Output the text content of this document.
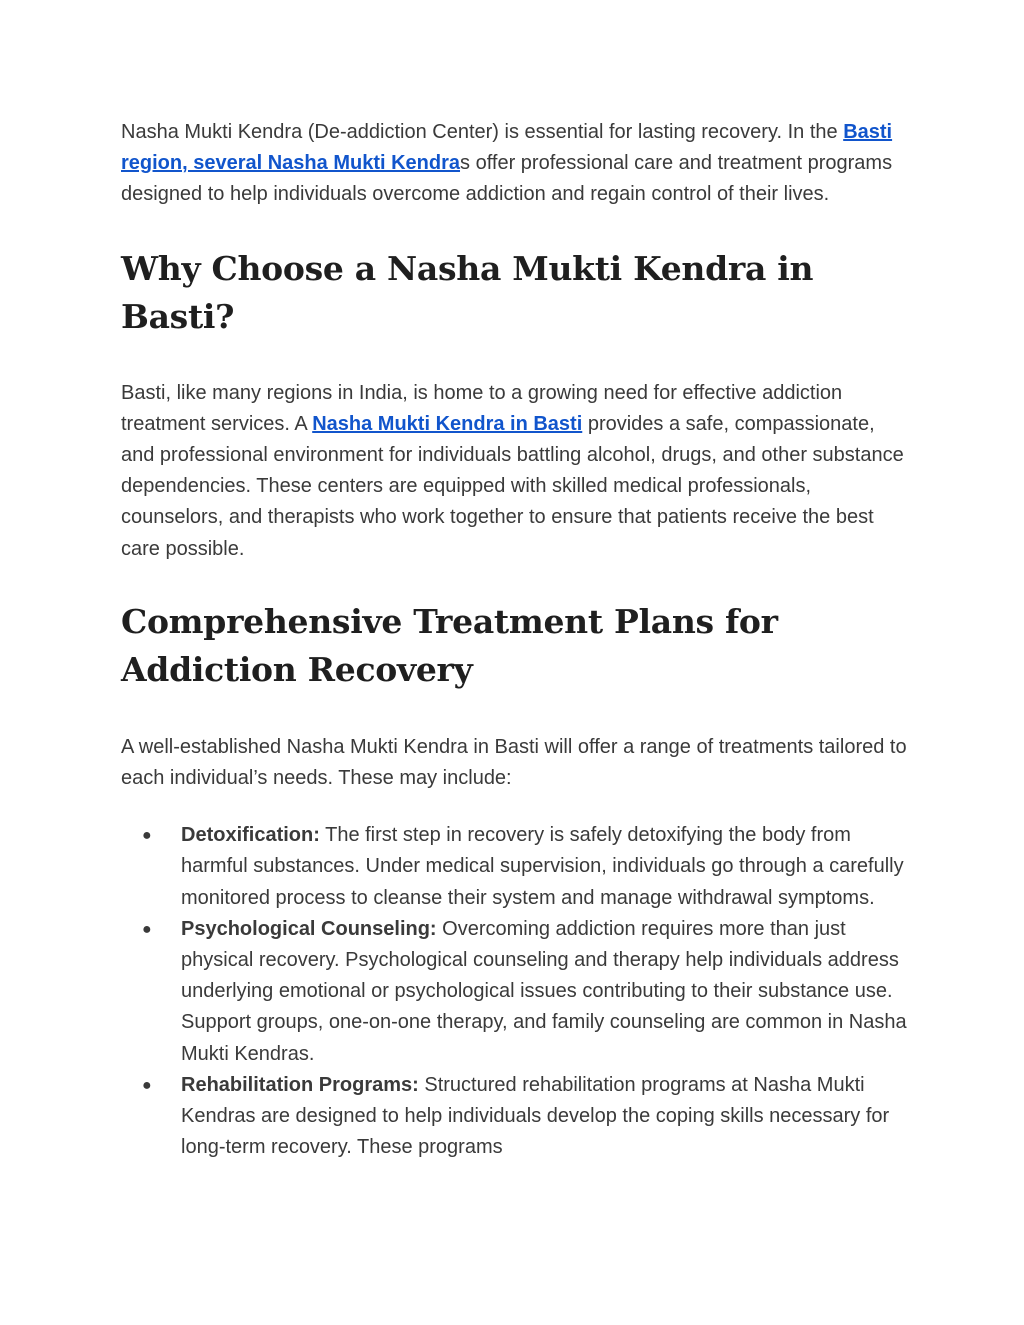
Nasha Mukti Kendra (De-addiction Center) is essential for lasting recovery. In the Basti region, several Nasha Mukti Kendras offer professional care and treatment programs designed to help individuals overcome addiction and regain control of their lives.

Why Choose a Nasha Mukti Kendra in Basti?

Basti, like many regions in India, is home to a growing need for effective addiction treatment services. A Nasha Mukti Kendra in Basti provides a safe, compassionate, and professional environment for individuals battling alcohol, drugs, and other substance dependencies. These centers are equipped with skilled medical professionals, counselors, and therapists who work together to ensure that patients receive the best care possible.

Comprehensive Treatment Plans for Addiction Recovery

A well-established Nasha Mukti Kendra in Basti will offer a range of treatments tailored to each individual’s needs. These may include:

● Detoxification: The first step in recovery is safely detoxifying the body from harmful substances. Under medical supervision, individuals go through a carefully monitored process to cleanse their system and manage withdrawal symptoms.
● Psychological Counseling: Overcoming addiction requires more than just physical recovery. Psychological counseling and therapy help individuals address underlying emotional or psychological issues contributing to their substance use. Support groups, one-on-one therapy, and family counseling are common in Nasha Mukti Kendras.
● Rehabilitation Programs: Structured rehabilitation programs at Nasha Mukti Kendras are designed to help individuals develop the coping skills necessary for long-term recovery. These programs
